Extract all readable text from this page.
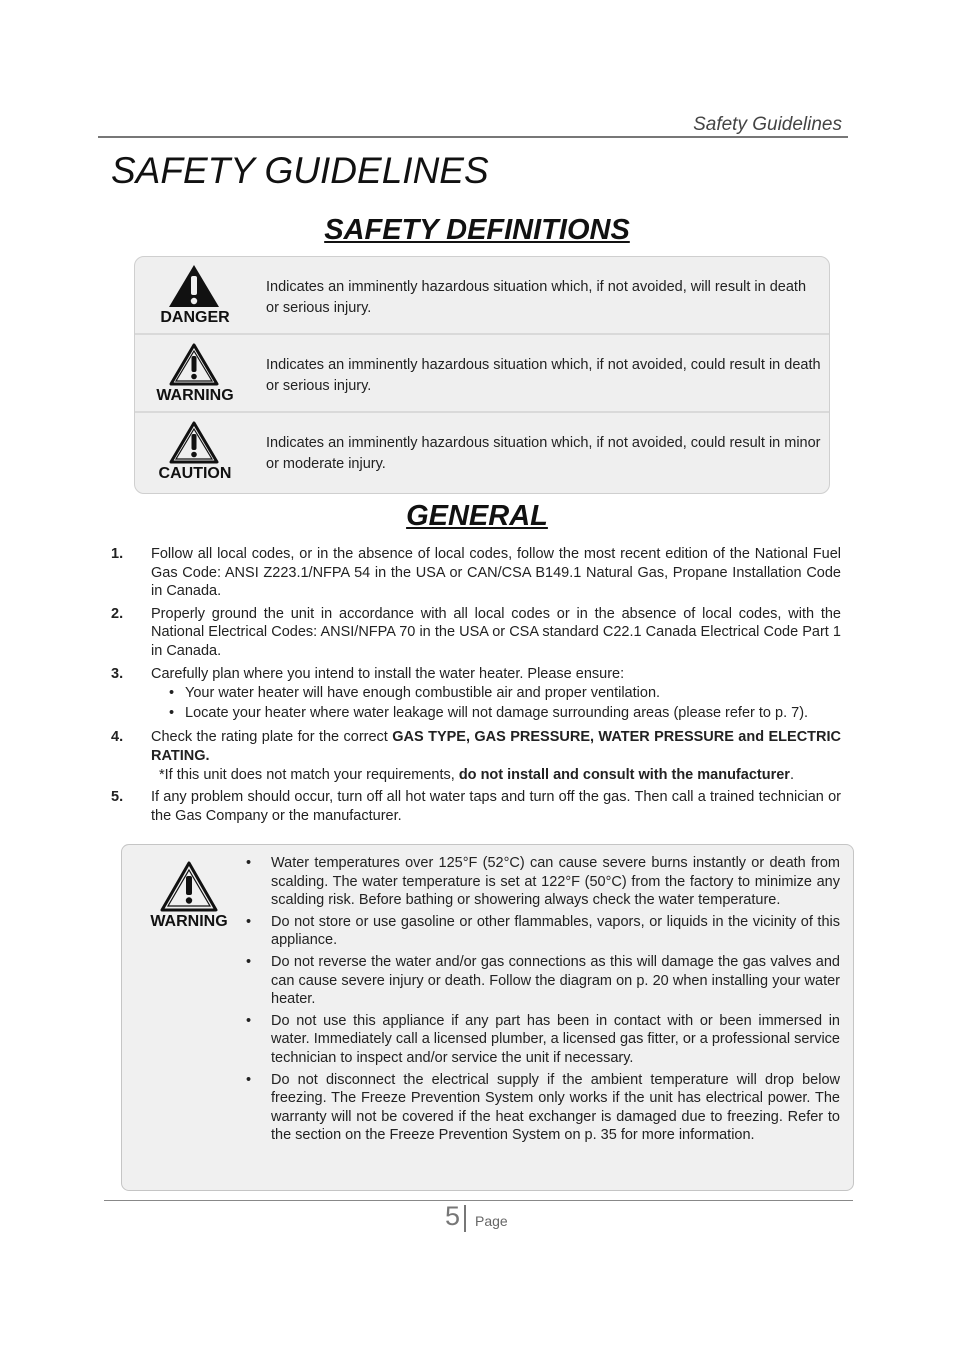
Safety Guidelines
SAFETY GUIDELINES
SAFETY DEFINITIONS
DANGER
Indicates an imminently hazardous situation which, if not avoided, will result in death or serious injury.
WARNING
Indicates an imminently hazardous situation which, if not avoided, could result in death or serious injury.
CAUTION
Indicates an imminently hazardous situation which, if not avoided, could result in minor or moderate injury.
GENERAL
1. Follow all local codes, or in the absence of local codes, follow the most recent edition of the National Fuel Gas Code: ANSI Z223.1/NFPA 54 in the USA or CAN/CSA B149.1 Natural Gas, Propane Installation Code in Canada.
2. Properly ground the unit in accordance with all local codes or in the absence of local codes, with the National Electrical Codes: ANSI/NFPA 70 in the USA or CSA standard C22.1 Canada Electrical Code Part 1 in Canada.
3. Carefully plan where you intend to install the water heater. Please ensure:
• Your water heater will have enough combustible air and proper ventilation.
• Locate your heater where water leakage will not damage surrounding areas (please refer to p. 7).
4. Check the rating plate for the correct GAS TYPE, GAS PRESSURE, WATER PRESSURE and ELECTRIC RATING.
*If this unit does not match your requirements, do not install and consult with the manufacturer.
5. If any problem should occur, turn off all hot water taps and turn off the gas. Then call a trained technician or the Gas Company or the manufacturer.
WARNING
• Water temperatures over 125°F (52°C) can cause severe burns instantly or death from scalding. The water temperature is set at 122°F (50°C) from the factory to minimize any scalding risk. Before bathing or showering always check the water temperature.
• Do not store or use gasoline or other flammables, vapors, or liquids in the vicinity of this appliance.
• Do not reverse the water and/or gas connections as this will damage the gas valves and can cause severe injury or death. Follow the diagram on p. 20 when installing your water heater.
• Do not use this appliance if any part has been in contact with or been immersed in water. Immediately call a licensed plumber, a licensed gas fitter, or a professional service technician to inspect and/or service the unit if necessary.
• Do not disconnect the electrical supply if the ambient temperature will drop below freezing. The Freeze Prevention System only works if the unit has electrical power. The warranty will not be covered if the heat exchanger is damaged due to freezing. Refer to the section on the Freeze Prevention System on p. 35 for more information.
5 Page
